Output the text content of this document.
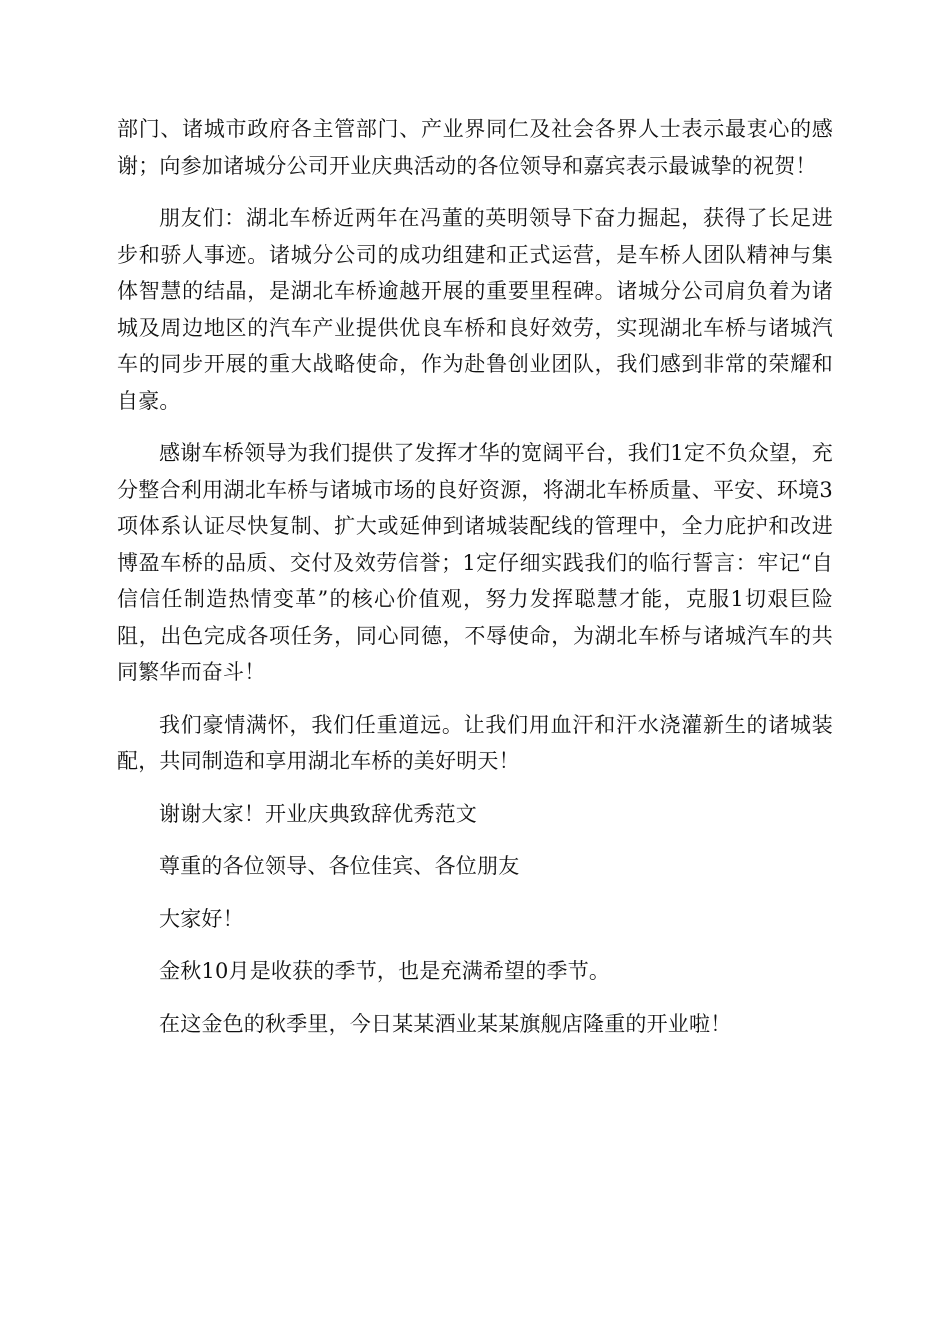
部门、诸城市政府各主管部门、产业界同仁及社会各界人士表示最衷心的感谢；向参加诸城分公司开业庆典活动的各位领导和嘉宾表示最诚挚的祝贺！

朋友们：湖北车桥近两年在冯董的英明领导下奋力掘起，获得了长足进步和骄人事迹。诸城分公司的成功组建和正式运营，是车桥人团队精神与集体智慧的结晶，是湖北车桥逾越开展的重要里程碑。诸城分公司肩负着为诸城及周边地区的汽车产业提供优良车桥和良好效劳，实现湖北车桥与诸城汽车的同步开展的重大战略使命，作为赴鲁创业团队，我们感到非常的荣耀和自豪。

感谢车桥领导为我们提供了发挥才华的宽阔平台，我们1定不负众望，充分整合利用湖北车桥与诸城市场的良好资源，将湖北车桥质量、平安、环境3项体系认证尽快复制、扩大或延伸到诸城装配线的管理中，全力庇护和改进博盈车桥的品质、交付及效劳信誉；1定仔细实践我们的临行誓言：牢记“自信信任制造热情变革”的核心价值观，努力发挥聪慧才能，克服1切艰巨险阻，出色完成各项任务，同心同德，不辱使命，为湖北车桥与诸城汽车的共同繁华而奋斗！

我们豪情满怀，我们任重道远。让我们用血汗和汗水浇灌新生的诸城装配，共同制造和享用湖北车桥的美好明天！

谢谢大家！开业庆典致辞优秀范文

尊重的各位领导、各位佳宾、各位朋友

大家好！

金秋10月是收获的季节，也是充满希望的季节。

在这金色的秋季里，今日某某酒业某某旗舰店隆重的开业啦！
